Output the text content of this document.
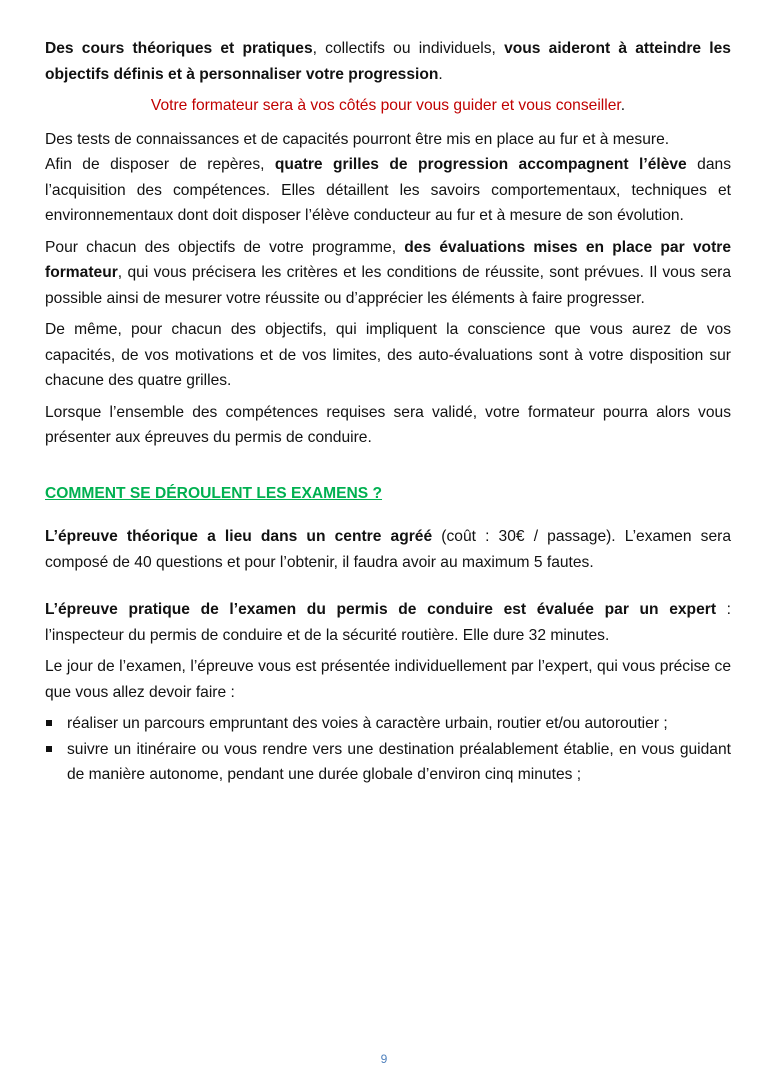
Des cours théoriques et pratiques, collectifs ou individuels, vous aideront à atteindre les objectifs définis et à personnaliser votre progression.

Votre formateur sera à vos côtés pour vous guider et vous conseiller.

Des tests de connaissances et de capacités pourront être mis en place au fur et à mesure.

Afin de disposer de repères, quatre grilles de progression accompagnent l’élève dans l’acquisition des compétences. Elles détaillent les savoirs comportementaux, techniques et environnementaux dont doit disposer l’élève conducteur au fur et à mesure de son évolution.

Pour chacun des objectifs de votre programme, des évaluations mises en place par votre formateur, qui vous précisera les critères et les conditions de réussite, sont prévues. Il vous sera possible ainsi de mesurer votre réussite ou d’apprécier les éléments à faire progresser.

De même, pour chacun des objectifs, qui impliquent la conscience que vous aurez de vos capacités, de vos motivations et de vos limites, des auto-évaluations sont à votre disposition sur chacune des quatre grilles.

Lorsque l’ensemble des compétences requises sera validé, votre formateur pourra alors vous présenter aux épreuves du permis de conduire.

COMMENT SE DÉROULENT LES EXAMENS ?

L’épreuve théorique a lieu dans un centre agréé (coût : 30€ / passage). L’examen sera composé de 40 questions et pour l’obtenir, il faudra avoir au maximum 5 fautes.

L’épreuve pratique de l’examen du permis de conduire est évaluée par un expert : l’inspecteur du permis de conduire et de la sécurité routière. Elle dure 32 minutes.

Le jour de l’examen, l’épreuve vous est présentée individuellement par l’expert, qui vous précise ce que vous allez devoir faire :

réaliser un parcours empruntant des voies à caractère urbain, routier et/ou autoroutier ;
suivre un itinéraire ou vous rendre vers une destination préalablement établie, en vous guidant de manière autonome, pendant une durée globale d’environ cinq minutes ;
9
